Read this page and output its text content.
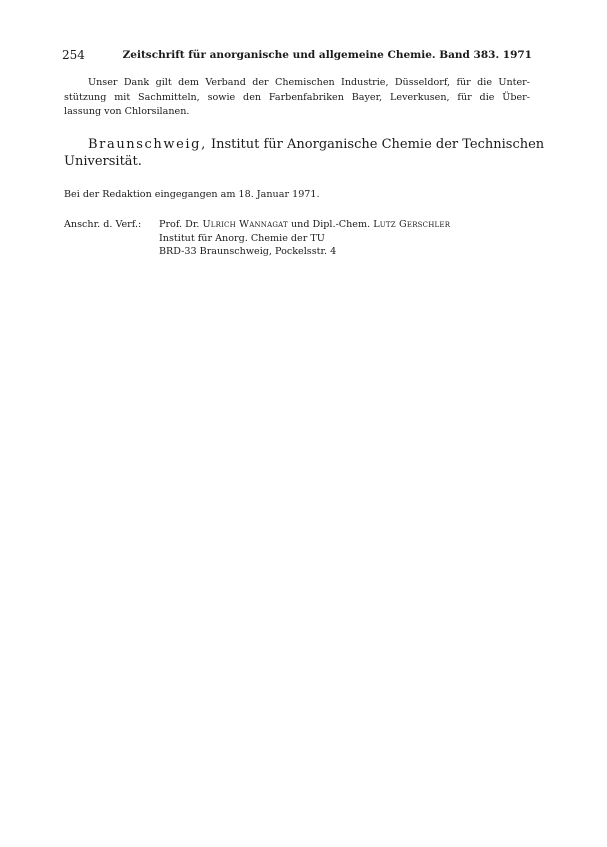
254	Zeitschrift für anorganische und allgemeine Chemie. Band 383. 1971
Unser Dank gilt dem Verband der Chemischen Industrie, Düsseldorf, für die Unter-
stützung mit Sachmitteln, sowie den Farbenfabriken Bayer, Leverkusen, für die Über-
lassung von Chlorsilanen.
Braunschweig, Institut für Anorganische Chemie der Technischen
Universität.
Bei der Redaktion eingegangen am 18. Januar 1971.
Anschr. d. Verf.: Prof. Dr. Ulrich Wannagat und Dipl.-Chem. Lutz Gerschler
Institut für Anorg. Chemie der TU
BRD-33 Braunschweig, Pockelsstr. 4
